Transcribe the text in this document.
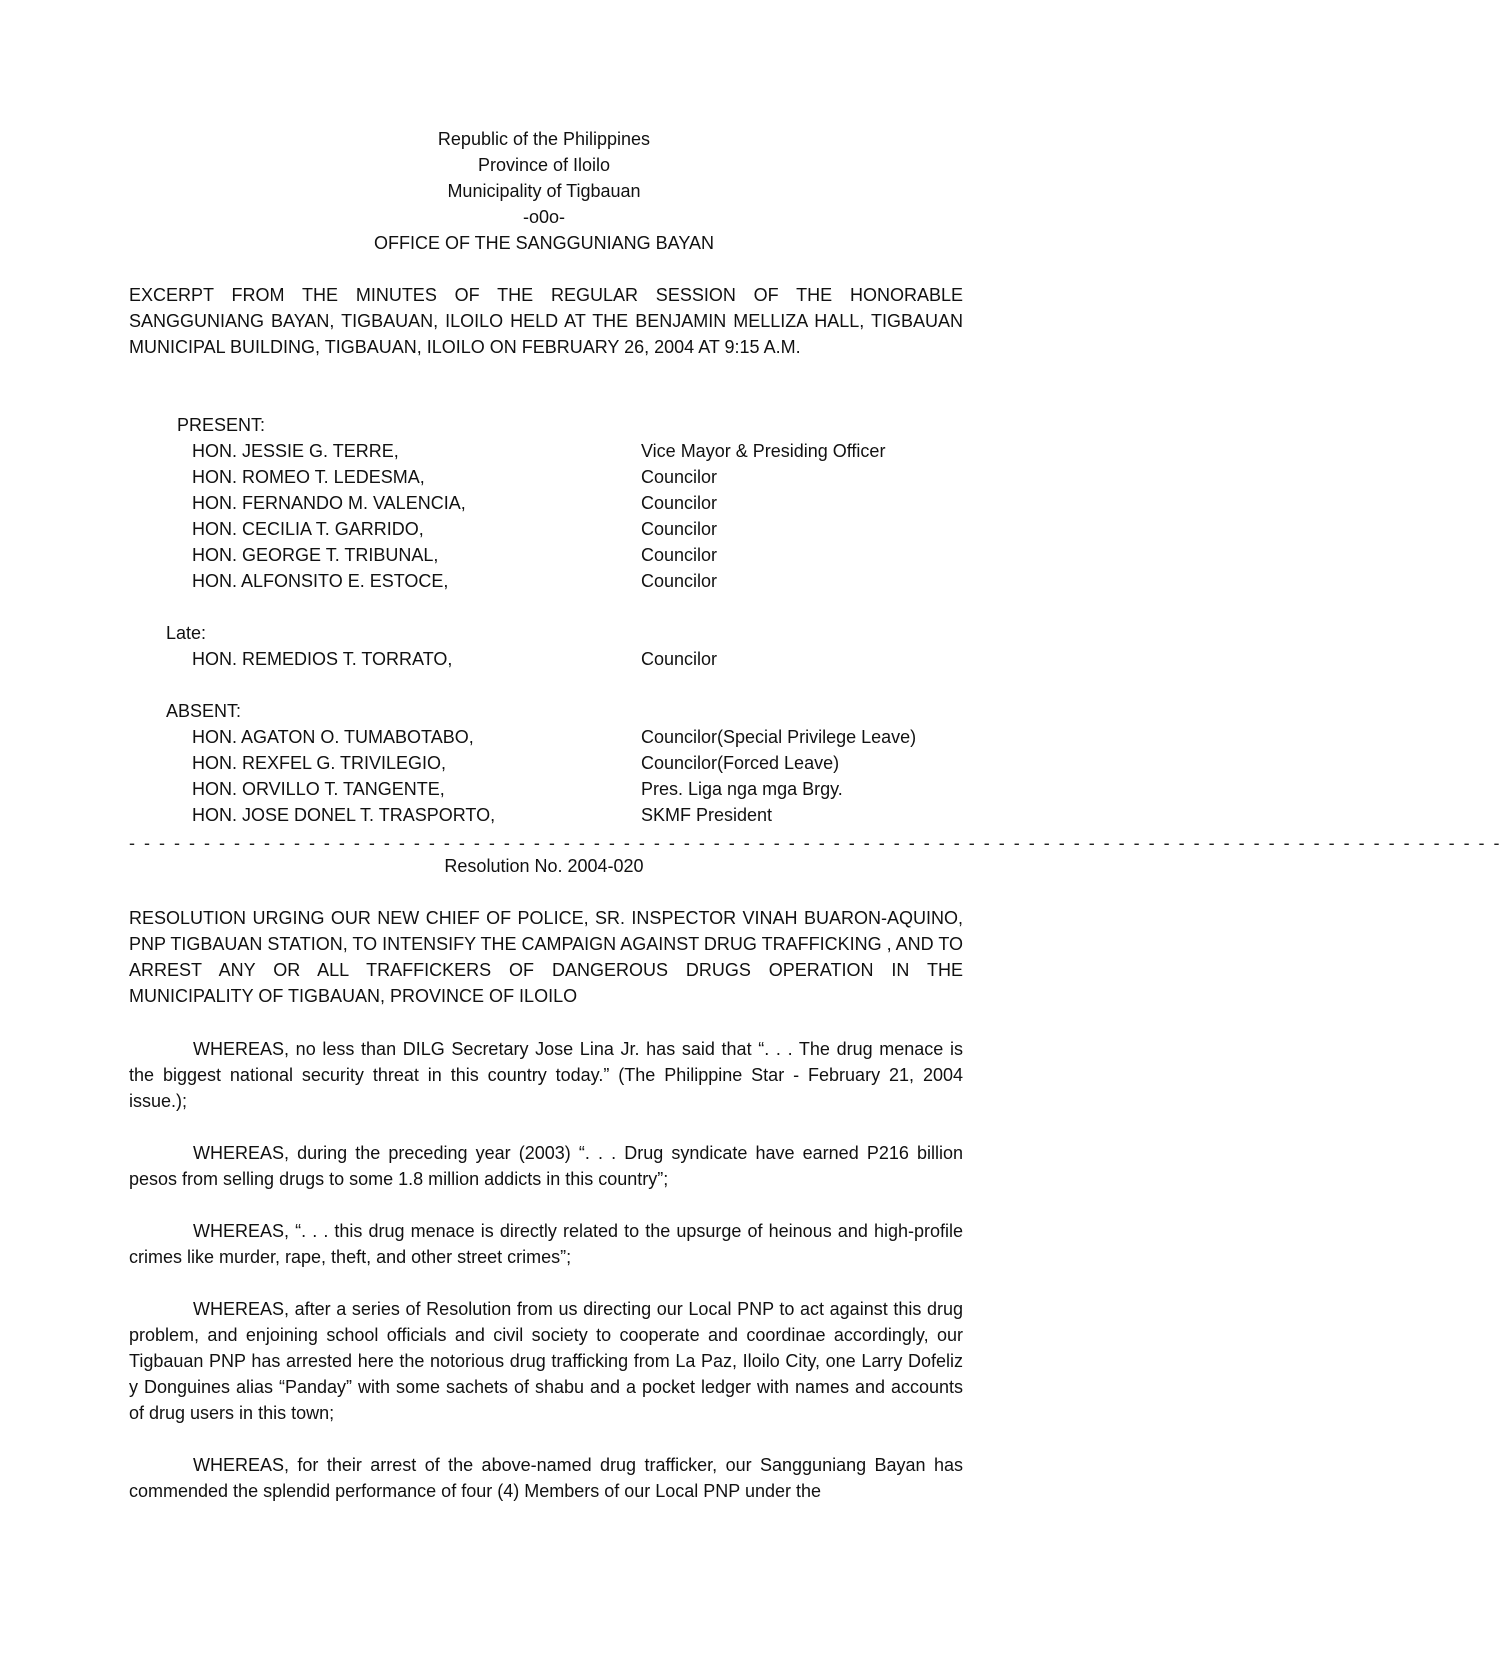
Republic of the Philippines
Province of Iloilo
Municipality of Tigbauan
-o0o-
OFFICE OF THE SANGGUNIANG BAYAN
EXCERPT FROM THE MINUTES OF THE REGULAR SESSION OF THE HONORABLE SANGGUNIANG BAYAN, TIGBAUAN, ILOILO HELD AT THE BENJAMIN MELLIZA HALL, TIGBAUAN MUNICIPAL BUILDING, TIGBAUAN, ILOILO ON FEBRUARY 26, 2004 AT 9:15 A.M.
PRESENT:
HON. JESSIE G. TERRE,	Vice Mayor & Presiding Officer
HON. ROMEO T. LEDESMA,	Councilor
HON. FERNANDO M. VALENCIA,	Councilor
HON. CECILIA T. GARRIDO,	Councilor
HON. GEORGE T. TRIBUNAL,	Councilor
HON. ALFONSITO E. ESTOCE,	Councilor
Late:
HON. REMEDIOS T. TORRATO,	Councilor
ABSENT:
HON. AGATON O. TUMABOTABO,	Councilor(Special Privilege Leave)
HON. REXFEL G. TRIVILEGIO,	Councilor(Forced Leave)
HON. ORVILLO T. TANGENTE,	Pres. Liga nga mga Brgy.
HON. JOSE DONEL T. TRASPORTO,	SKMF President
- - - - - - - - - - - - - - - - - - - - - - - - - - - - - - - - - - - - - - - - - - - - - - - - - - - - - - - - - - - - - - - - - - - - - - - - - - - - - - - - - - - - - - - - - - - -
Resolution No. 2004-020
RESOLUTION URGING OUR NEW CHIEF OF POLICE, SR. INSPECTOR VINAH BUARON-AQUINO, PNP TIGBAUAN STATION, TO INTENSIFY THE CAMPAIGN AGAINST DRUG TRAFFICKING , AND TO ARREST ANY OR ALL TRAFFICKERS OF DANGEROUS DRUGS OPERATION IN THE MUNICIPALITY OF TIGBAUAN, PROVINCE OF ILOILO
WHEREAS, no less than DILG Secretary Jose Lina Jr. has said that “. . . The drug menace is the biggest national security threat in this country today.” (The Philippine Star - February 21, 2004 issue.);
WHEREAS, during the preceding year (2003) “. . . Drug syndicate have earned P216 billion pesos from selling drugs to some 1.8 million addicts in this country”;
WHEREAS, “. . . this drug menace is directly related to the upsurge of heinous and high-profile crimes like murder, rape, theft, and other street crimes”;
WHEREAS, after a series of Resolution from us directing our Local PNP to act against this drug problem, and enjoining school officials and civil society to cooperate and coordinae accordingly, our Tigbauan PNP has arrested here the notorious drug trafficking from La Paz, Iloilo City, one Larry Dofeliz y Donguines alias “Panday” with some sachets of shabu and a pocket ledger with names and accounts of drug users in this town;
WHEREAS, for their arrest of the above-named drug trafficker, our Sangguniang Bayan has commended the splendid performance of four (4) Members of our Local PNP under the
